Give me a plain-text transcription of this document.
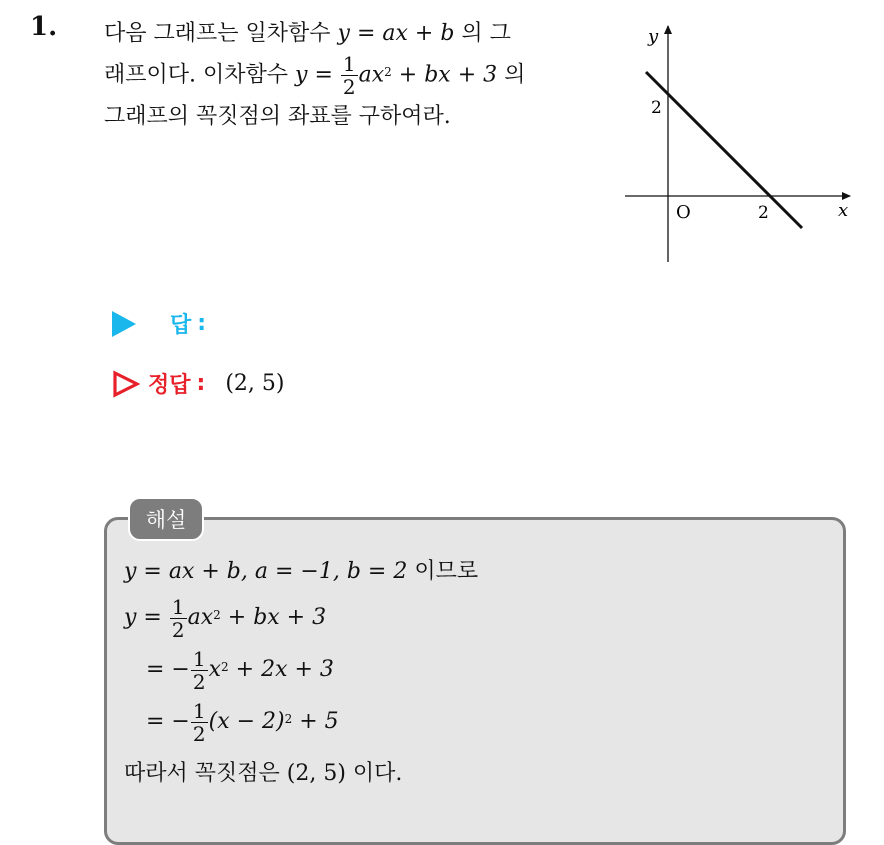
1. 다음 그래프는 일차함수 y = ax + b 의 그
래프이다. 이차함수 $y = \frac{1}{2} ax^2$ + bx + 3 의
그래프의 꼭짓점의 좌표를 구하여라.
y
x
O
2
2
답 :
정답 : (2, 5)
해설
y = ax + b, a = −1, b = 2
이므로
y =
$\frac{1}{2} ax^2$
+ bx + 3
= − $\frac{1}{2} x^2$
+ 2x + 3
= − $\frac{1}{2} (x - 2)^2$
+ 5
따라서 꼭짓점은
(2, 5)
이다.
